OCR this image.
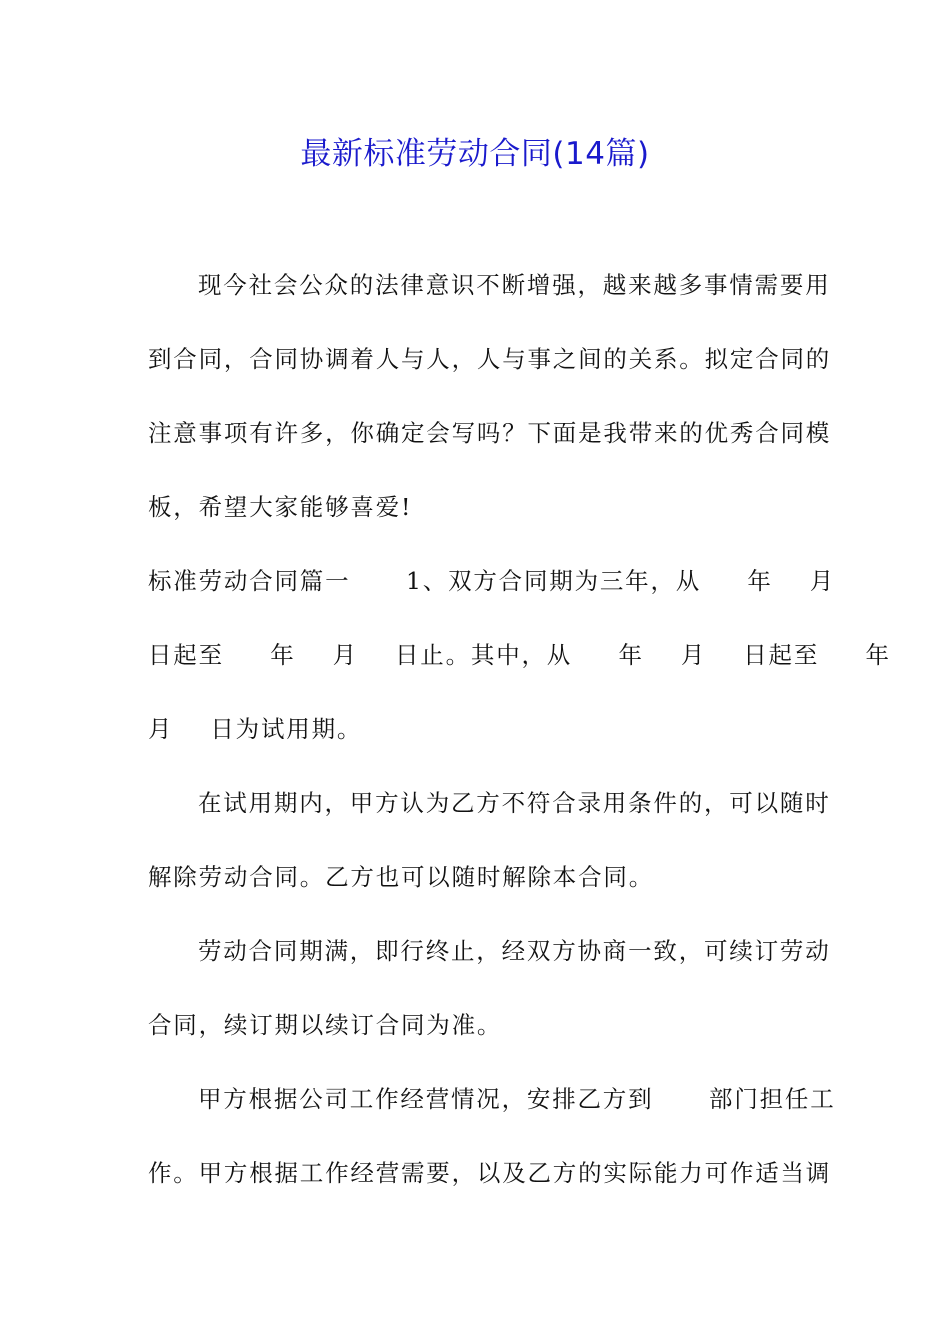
最新标准劳动合同(14篇)
现今社会公众的法律意识不断增强，越来越多事情需要用
到合同，合同协调着人与人，人与事之间的关系。拟定合同的
注意事项有许多，你确定会写吗？下面是我带来的优秀合同模
板，希望大家能够喜爱!
标准劳动合同篇一      1、双方合同期为三年，从     年    月
日起至     年    月    日止。其中，从     年    月    日起至     年
月    日为试用期。
在试用期内，甲方认为乙方不符合录用条件的，可以随时
解除劳动合同。乙方也可以随时解除本合同。
劳动合同期满，即行终止，经双方协商一致，可续订劳动
合同，续订期以续订合同为准。
甲方根据公司工作经营情况，安排乙方到      部门担任工
作。甲方根据工作经营需要，以及乙方的实际能力可作适当调
